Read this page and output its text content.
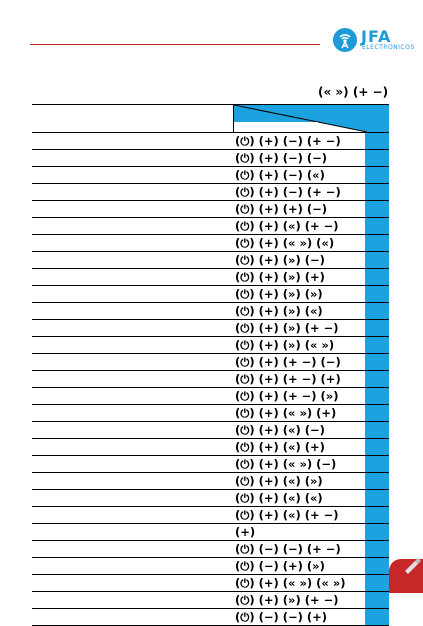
JFA
ELECTRONICOS
(« ») (+ −)
(⏻) (+) (−) (+ −)
(⏻) (+) (−) (−)
(⏻) (+) (−) («)
(⏻) (+) (−) (+ −)
(⏻) (+) (+) (−)
(⏻) (+) («) (+ −)
(⏻) (+) (« ») («)
(⏻) (+) (») (−)
(⏻) (+) (») (+)
(⏻) (+) (») (»)
(⏻) (+) (») («)
(⏻) (+) (») (+ −)
(⏻) (+) (») (« »)
(⏻) (+) (+ −) (−)
(⏻) (+) (+ −) (+)
(⏻) (+) (+ −) (»)
(⏻) (+) (« ») (+)
(⏻) (+) («) (−)
(⏻) (+) («) (+)
(⏻) (+) (« ») (−)
(⏻) (+) («) (»)
(⏻) (+) («) («)
(⏻) (+) («) (+ −)
(+)
(⏻) (−) (−) (+ −)
(⏻) (−) (+) (»)
(⏻) (+) (« ») (« »)
(⏻) (+) (») (+ −)
(⏻) (−) (−) (+)
